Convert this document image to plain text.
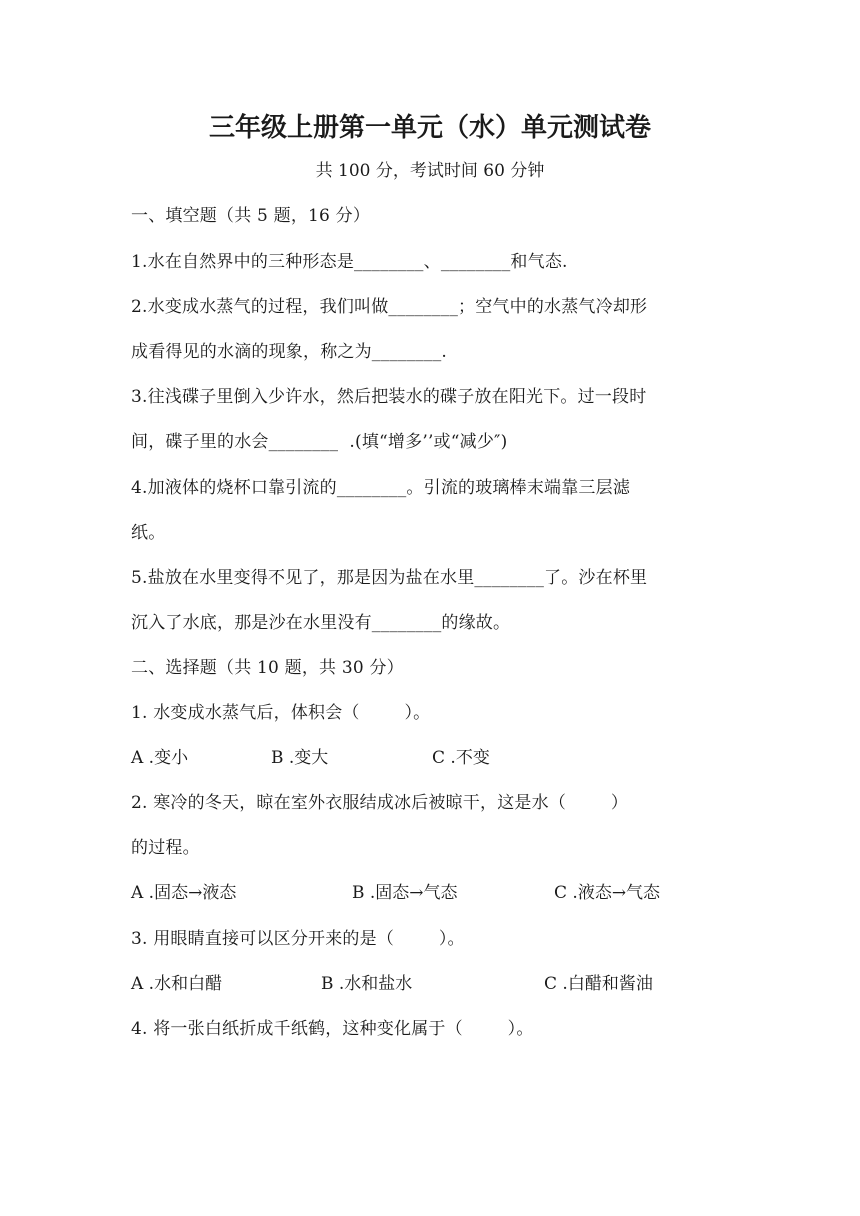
三年级上册第一单元（水）单元测试卷
共 100 分，考试时间 60 分钟
一、填空题（共 5 题，16 分）
1.水在自然界中的三种形态是________、________和气态.
2.水变成水蒸气的过程，我们叫做________；空气中的水蒸气冷却形
成看得见的水滴的现象，称之为________.
3.往浅碟子里倒入少许水，然后把装水的碟子放在阳光下。过一段时
间，碟子里的水会________  .(填“增多’’或“减少″)
4.加液体的烧杯口靠引流的________。引流的玻璃棒末端靠三层滤
纸。
5.盐放在水里变得不见了，那是因为盐在水里________了。沙在杯里
沉入了水底，那是沙在水里没有________的缘故。
二、选择题（共 10 题，共 30 分）
1. 水变成水蒸气后，体积会（        ）。

A .变小

	B .变大

	C .不变

2. 寒冷的冬天，晾在室外衣服结成冰后被晾干，这是水（        ）
的过程。

A .固态→液态

	B .固态→气态

	C .液态→气态

3. 用眼睛直接可以区分开来的是（        ）。

A .水和白醋

	B .水和盐水

	C .白醋和酱油

4. 将一张白纸折成千纸鹤，这种变化属于（        ）。
